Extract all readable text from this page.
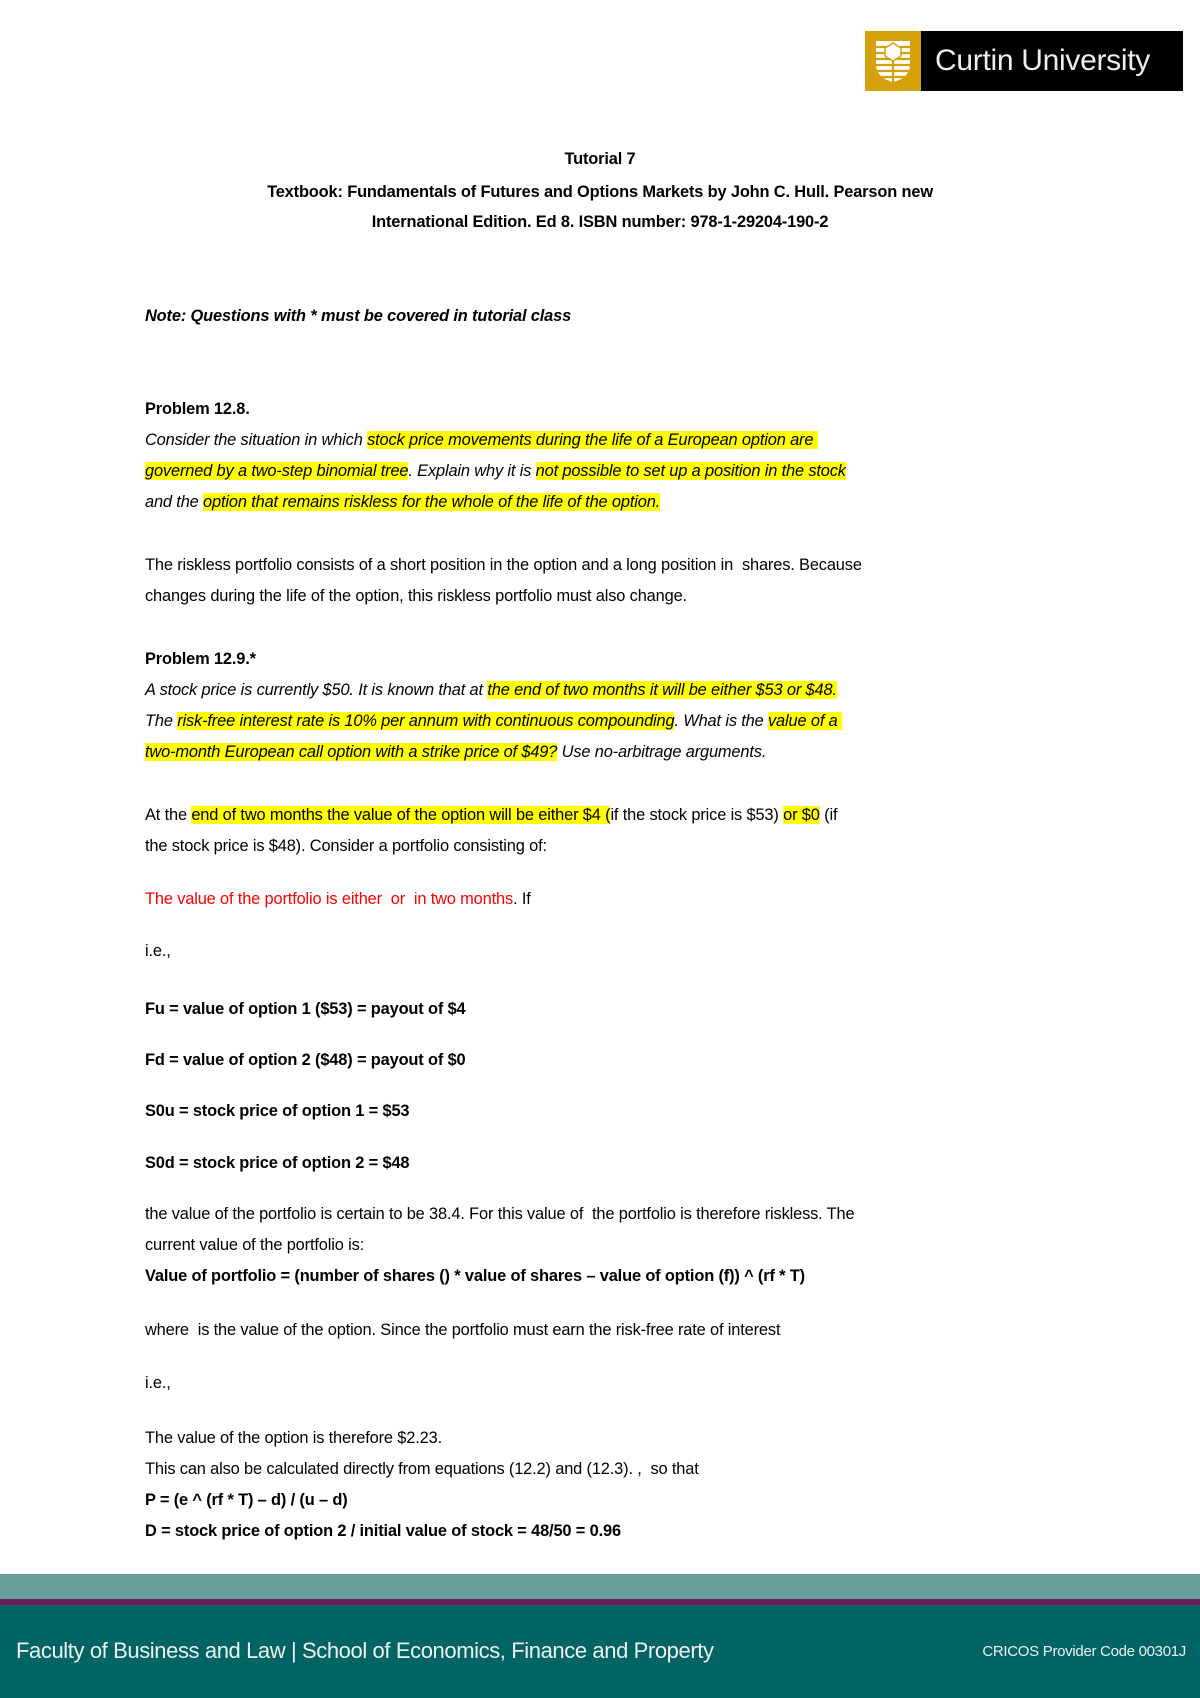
Curtin University
Tutorial 7
Textbook: Fundamentals of Futures and Options Markets by John C. Hull. Pearson new
International Edition. Ed 8. ISBN number: 978-1-29204-190-2
Note: Questions with * must be covered in tutorial class
Problem 12.8.
Consider the situation in which stock price movements during the life of a European option are
governed by a two-step binomial tree. Explain why it is not possible to set up a position in the stock
and the option that remains riskless for the whole of the life of the option.
The riskless portfolio consists of a short position in the option and a long position in  shares. Because
changes during the life of the option, this riskless portfolio must also change.
Problem 12.9.*
A stock price is currently $50. It is known that at the end of two months it will be either $53 or $48.
The risk-free interest rate is 10% per annum with continuous compounding. What is the value of a
two-month European call option with a strike price of $49? Use no-arbitrage arguments.
At the end of two months the value of the option will be either $4 (if the stock price is $53) or $0 (if
the stock price is $48). Consider a portfolio consisting of:
The value of the portfolio is either  or  in two months. If
i.e.,
Fu = value of option 1 ($53) = payout of $4
Fd = value of option 2 ($48) = payout of $0
S0u = stock price of option 1 = $53
S0d = stock price of option 2 = $48
the value of the portfolio is certain to be 38.4. For this value of  the portfolio is therefore riskless. The
current value of the portfolio is:
Value of portfolio = (number of shares () * value of shares – value of option (f)) ^ (rf * T)
where  is the value of the option. Since the portfolio must earn the risk-free rate of interest
i.e.,
The value of the option is therefore $2.23.
This can also be calculated directly from equations (12.2) and (12.3). ,  so that
P = (e ^ (rf * T) – d) / (u – d)
D = stock price of option 2 / initial value of stock = 48/50 = 0.96
Faculty of Business and Law | School of Economics, Finance and Property	CRICOS Provider Code 00301J
